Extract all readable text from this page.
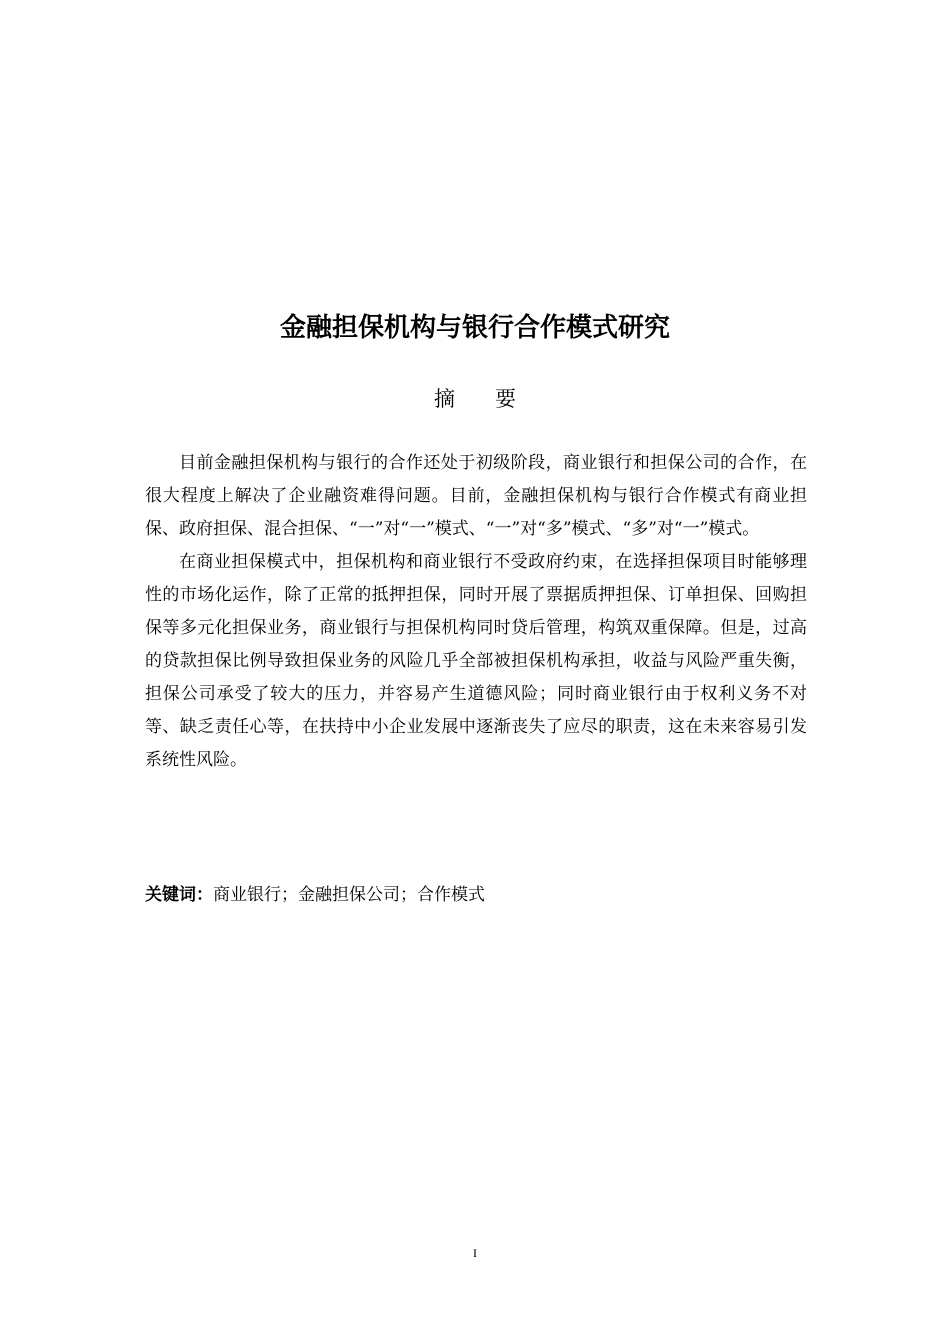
金融担保机构与银行合作模式研究
摘 要

目前金融担保机构与银行的合作还处于初级阶段，商业银行和担保公司的合作，在很大程度上解决了企业融资难得问题。目前，金融担保机构与银行合作模式有商业担保、政府担保、混合担保、“一”对“一”模式、“一”对“多”模式、“多”对“一”模式。

在商业担保模式中，担保机构和商业银行不受政府约束，在选择担保项目时能够理性的市场化运作，除了正常的抵押担保，同时开展了票据质押担保、订单担保、回购担保等多元化担保业务，商业银行与担保机构同时贷后管理，构筑双重保障。但是，过高的贷款担保比例导致担保业务的风险几乎全部被担保机构承担，收益与风险严重失衡，担保公司承受了较大的压力，并容易产生道德风险；同时商业银行由于权利义务不对等、缺乏责任心等，在扶持中小企业发展中逐渐丧失了应尽的职责，这在未来容易引发系统性风险。

关键词：商业银行；金融担保公司；合作模式
I
